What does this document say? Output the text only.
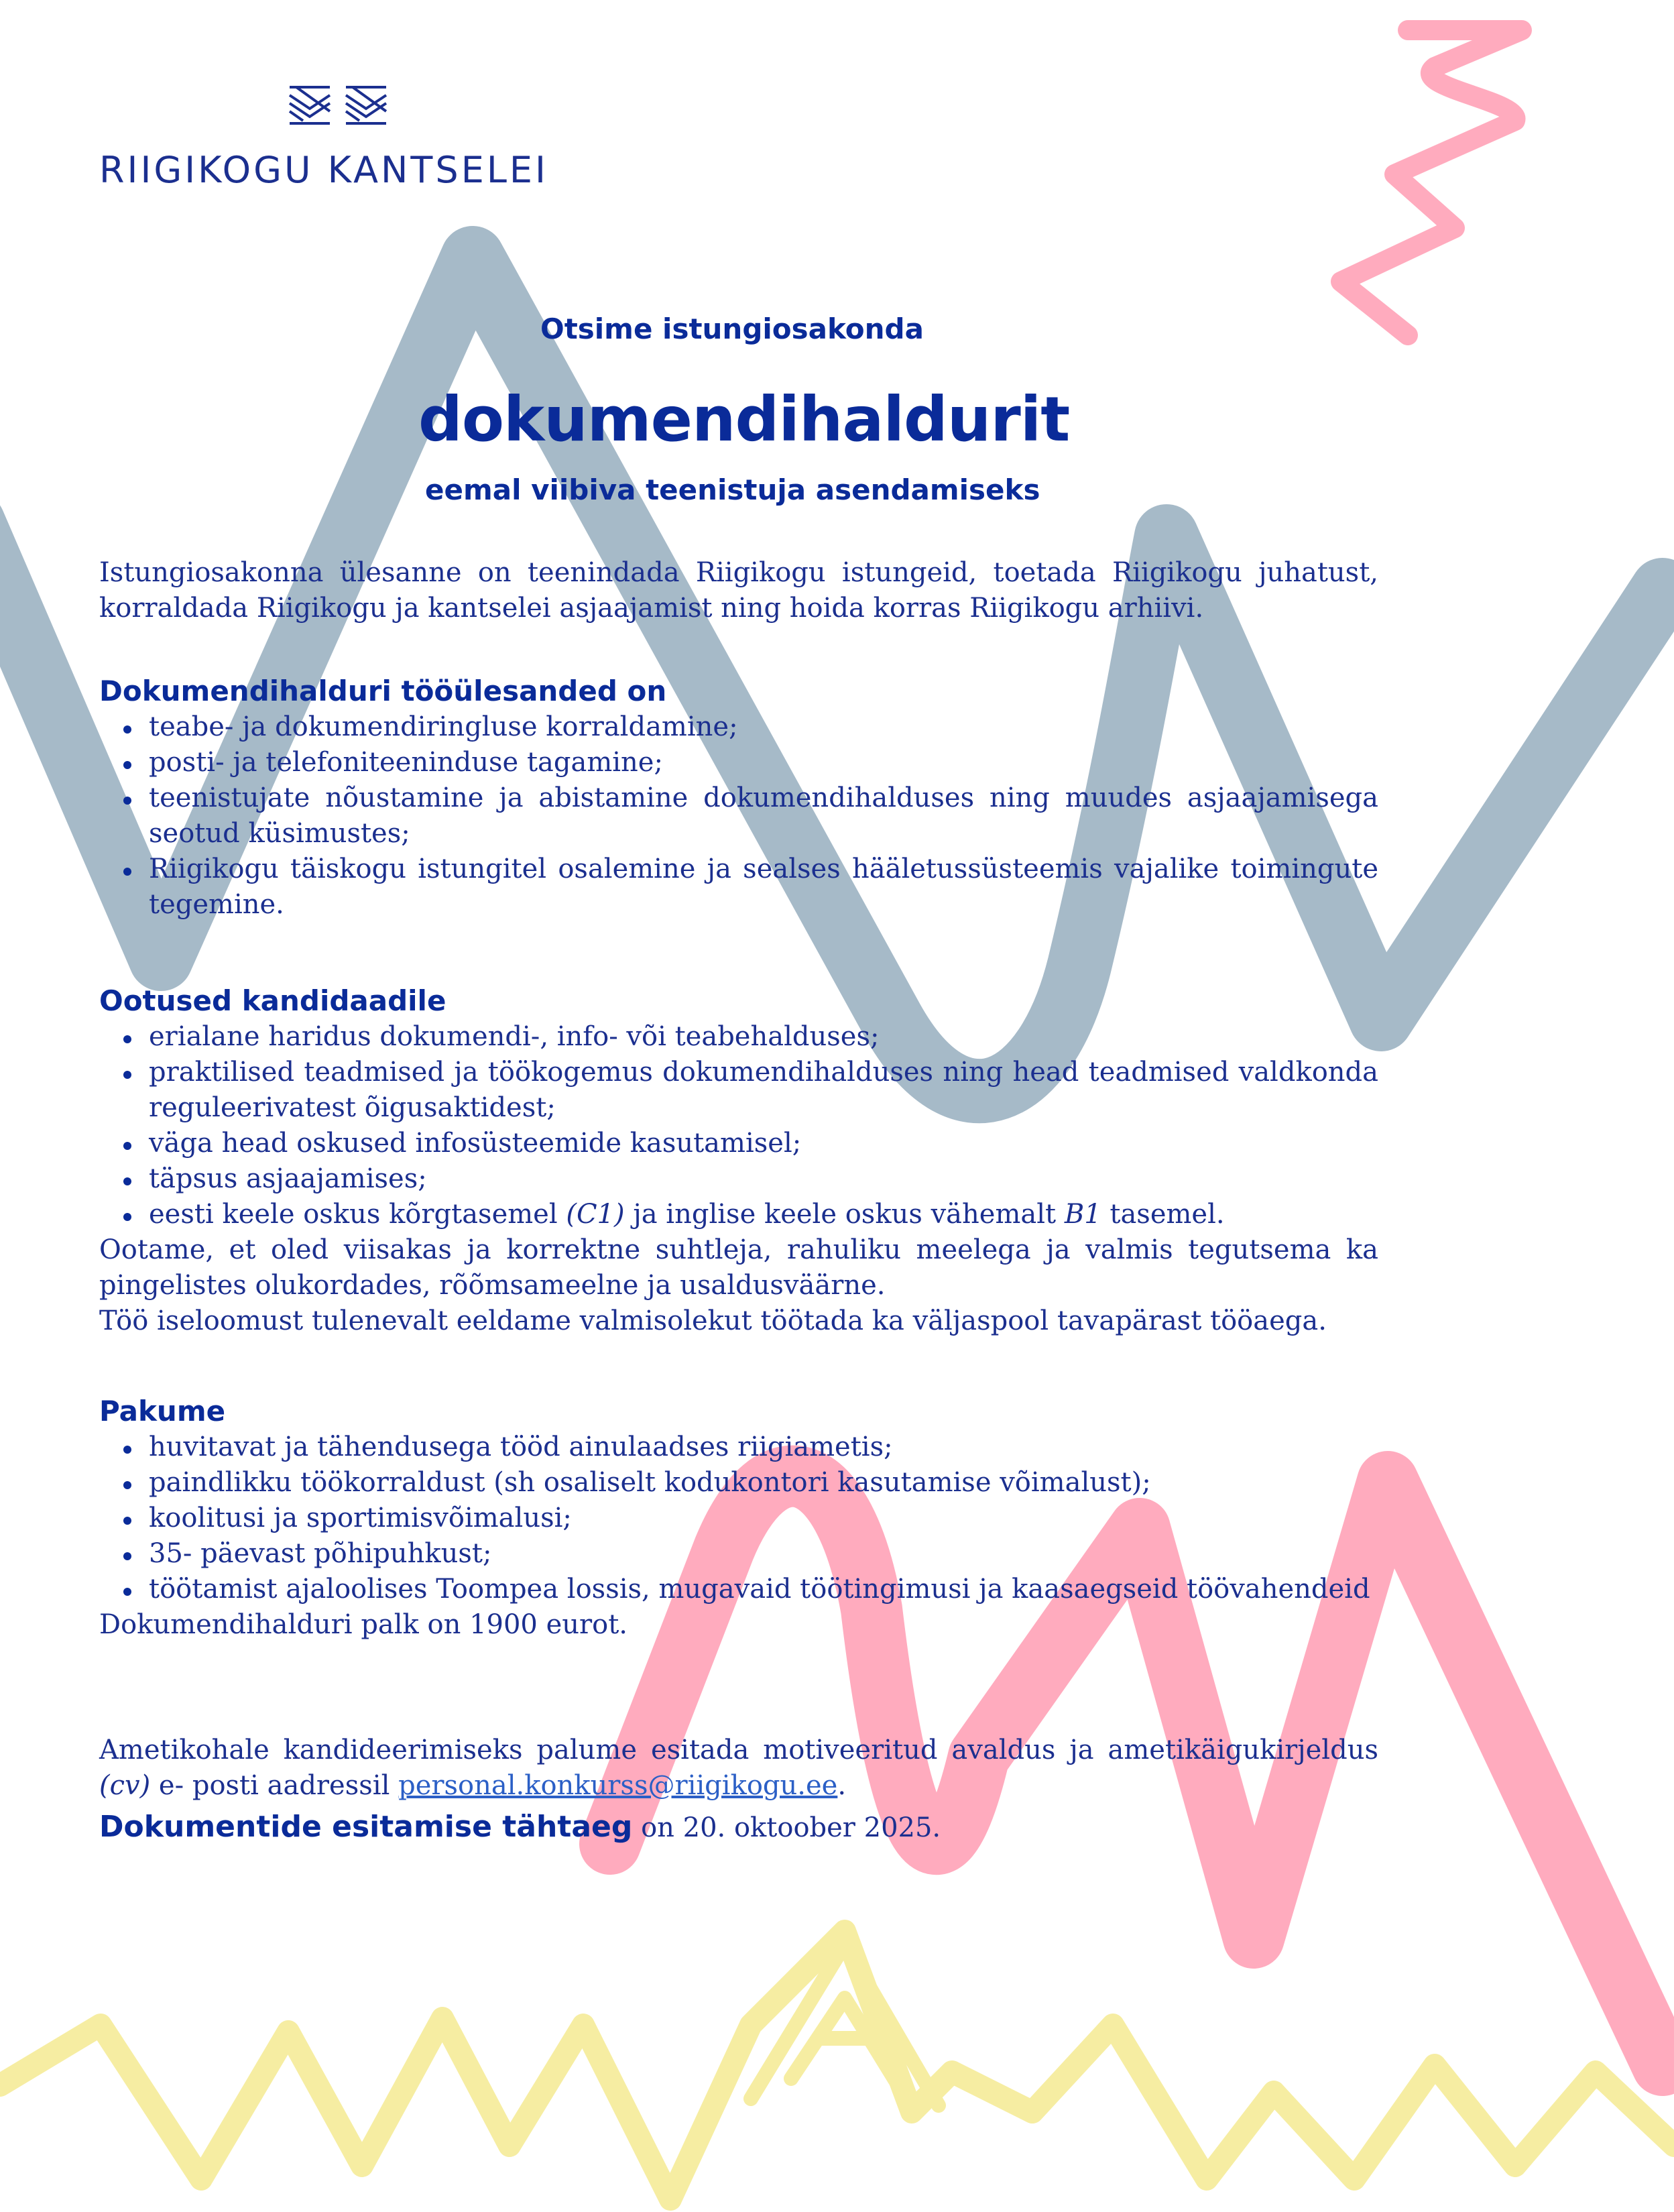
RIIGIKOGU KANTSELEI

Otsime istungiosakonda

dokumendihaldurit

eemal viibiva teenistuja asendamiseks

Istungiosakonna ülesanne on teenindada Riigikogu istungeid, toetada Riigikogu juhatust, korraldada Riigikogu ja kantselei asjaajamist ning hoida korras Riigikogu arhiivi.

Dokumendihalduri tööülesanded on
teabe- ja dokumendiringluse korraldamine;
posti- ja telefoniteeninduse tagamine;
teenistujate nõustamine ja abistamine dokumendihalduses ning muudes asjaajamisega seotud küsimustes;
Riigikogu täiskogu istungitel osalemine ja sealses hääletussüsteemis vajalike toimingute tegemine.
Ootused kandidaadile
erialane haridus dokumendi-, info- või teabehalduses;
praktilised teadmised ja töökogemus dokumendihalduses ning head teadmised valdkonda reguleerivatest õigusaktidest;
väga head oskused infosüsteemide kasutamisel;
täpsus asjaajamises;
eesti keele oskus kõrgtasemel (C1) ja inglise keele oskus vähemalt B1 tasemel.

Ootame, et oled viisakas ja korrektne suhtleja, rahuliku meelega ja valmis tegutsema ka pingelistes olukordades, rõõmsameelne ja usaldusväärne.

Töö iseloomust tulenevalt eeldame valmisolekut töötada ka väljaspool tavapärast tööaega.

Pakume
huvitavat ja tähendusega tööd ainulaadses riigiametis;
paindlikku töökorraldust (sh osaliselt kodukontori kasutamise võimalust);
koolitusi ja sportimisvõimalusi;
35- päevast põhipuhkust;
töötamist ajaloolises Toompea lossis, mugavaid töötingimusi ja kaasaegseid töövahendeid

Dokumendihalduri palk on 1900 eurot.

Ametikohale kandideerimiseks palume esitada motiveeritud avaldus ja ametikäigukirjeldus (cv) e- posti aadressil personal.konkurss@riigikogu.ee.

Dokumentide esitamise tähtaeg on 20. oktoober 2025.
